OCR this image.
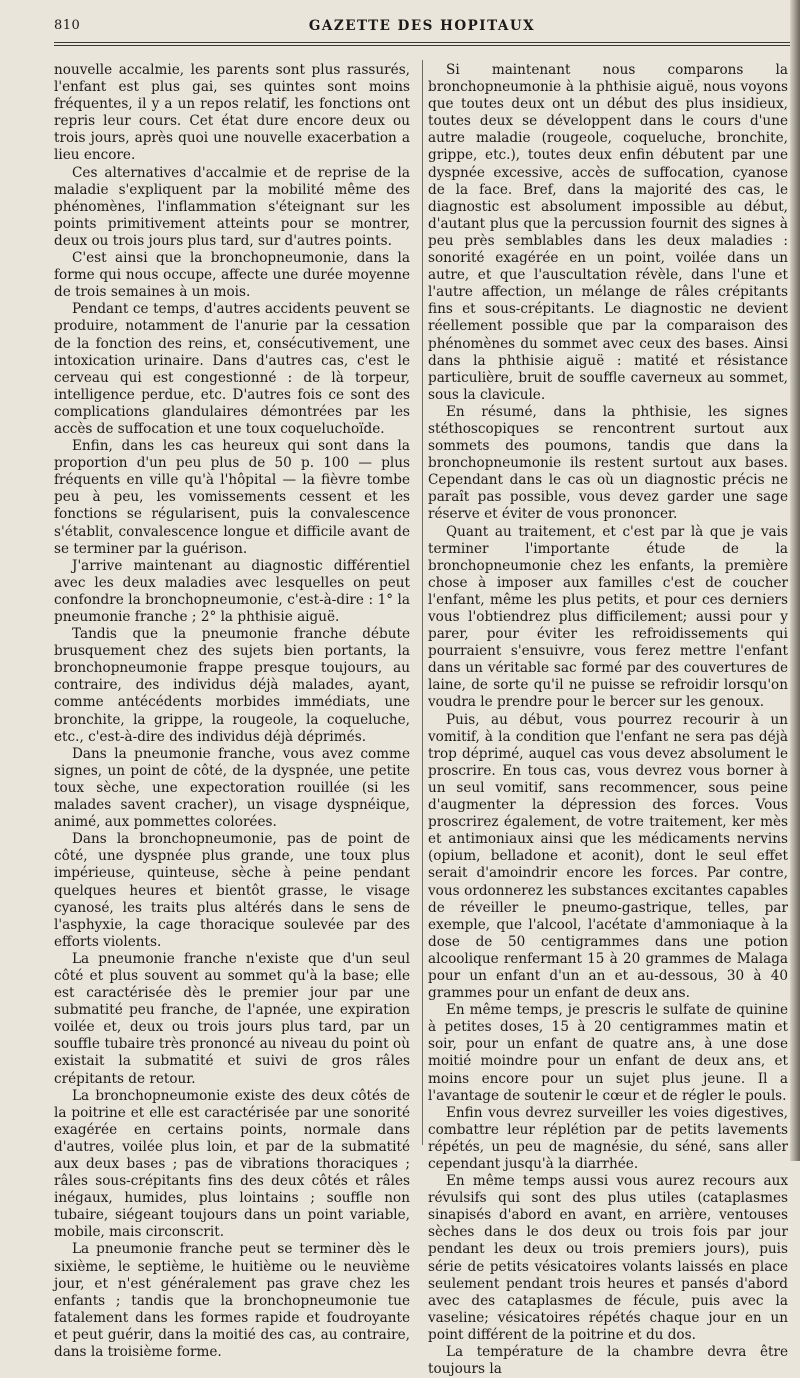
810	GAZETTE DES HOPITAUX

nouvelle accalmie, les parents sont plus rassurés, l'enfant est plus gai, ses quintes sont moins fréquentes, il y a un repos relatif, les fonctions ont repris leur cours. Cet état dure encore deux ou trois jours, après quoi une nouvelle exacerbation a lieu encore.

Ces alternatives d'accalmie et de reprise de la maladie s'expliquent par la mobilité même des phénomènes, l'inflammation s'éteignant sur les points primitivement atteints pour se montrer, deux ou trois jours plus tard, sur d'autres points.

C'est ainsi que la bronchopneumonie, dans la forme qui nous occupe, affecte une durée moyenne de trois semaines à un mois.

Pendant ce temps, d'autres accidents peuvent se produire, notamment de l'anurie par la cessation de la fonction des reins, et, consécutivement, une intoxication urinaire. Dans d'autres cas, c'est le cerveau qui est congestionné : de là torpeur, intelligence perdue, etc. D'autres fois ce sont des complications glandulaires démontrées par les accès de suffocation et une toux coqueluchoïde.

Enfin, dans les cas heureux qui sont dans la proportion d'un peu plus de 50 p. 100 — plus fréquents en ville qu'à l'hôpital — la fièvre tombe peu à peu, les vomissements cessent et les fonctions se régularisent, puis la convalescence s'établit, convalescence longue et difficile avant de se terminer par la guérison.

J'arrive maintenant au diagnostic différentiel avec les deux maladies avec lesquelles on peut confondre la bronchopneumonie, c'est-à-dire : 1° la pneumonie franche ; 2° la phthisie aiguë.

Tandis que la pneumonie franche débute brusquement chez des sujets bien portants, la bronchopneumonie frappe presque toujours, au contraire, des individus déjà malades, ayant, comme antécédents morbides immédiats, une bronchite, la grippe, la rougeole, la coqueluche, etc., c'est-à-dire des individus déjà déprimés.

Dans la pneumonie franche, vous avez comme signes, un point de côté, de la dyspnée, une petite toux sèche, une expectoration rouillée (si les malades savent cracher), un visage dyspnéique, animé, aux pommettes colorées.

Dans la bronchopneumonie, pas de point de côté, une dyspnée plus grande, une toux plus impérieuse, quinteuse, sèche à peine pendant quelques heures et bientôt grasse, le visage cyanosé, les traits plus altérés dans le sens de l'asphyxie, la cage thoracique soulevée par des efforts violents.

La pneumonie franche n'existe que d'un seul côté et plus souvent au sommet qu'à la base; elle est caractérisée dès le premier jour par une submatité peu franche, de l'apnée, une expiration voilée et, deux ou trois jours plus tard, par un souffle tubaire très prononcé au niveau du point où existait la submatité et suivi de gros râles crépitants de retour.

La bronchopneumonie existe des deux côtés de la poitrine et elle est caractérisée par une sonorité exagérée en certains points, normale dans d'autres, voilée plus loin, et par de la submatité aux deux bases ; pas de vibrations thoraciques ; râles sous-crépitants fins des deux côtés et râles inégaux, humides, plus lointains ; souffle non tubaire, siégeant toujours dans un point variable, mobile, mais circonscrit.

La pneumonie franche peut se terminer dès le sixième, le septième, le huitième ou le neuvième jour, et n'est généralement pas grave chez les enfants ; tandis que la bronchopneumonie tue fatalement dans les formes rapide et foudroyante et peut guérir, dans la moitié des cas, au contraire, dans la troisième forme.

Si maintenant nous comparons la bronchopneumonie à la phthisie aiguë, nous voyons que toutes deux ont un début des plus insidieux, toutes deux se développent dans le cours d'une autre maladie (rougeole, coqueluche, bronchite, grippe, etc.), toutes deux enfin débutent par une dyspnée excessive, accès de suffocation, cyanose de la face. Bref, dans la majorité des cas, le diagnostic est absolument impossible au début, d'autant plus que la percussion fournit des signes à peu près semblables dans les deux maladies : sonorité exagérée en un point, voilée dans un autre, et que l'auscultation révèle, dans l'une et l'autre affection, un mélange de râles crépitants fins et sous-crépitants. Le diagnostic ne devient réellement possible que par la comparaison des phénomènes du sommet avec ceux des bases. Ainsi dans la phthisie aiguë : matité et résistance particulière, bruit de souffle caverneux au sommet, sous la clavicule.

En résumé, dans la phthisie, les signes stéthoscopiques se rencontrent surtout aux sommets des poumons, tandis que dans la bronchopneumonie ils restent surtout aux bases. Cependant dans le cas où un diagnostic précis ne paraît pas possible, vous devez garder une sage réserve et éviter de vous prononcer.

Quant au traitement, et c'est par là que je vais terminer l'importante étude de la bronchopneumonie chez les enfants, la première chose à imposer aux familles c'est de coucher l'enfant, même les plus petits, et pour ces derniers vous l'obtiendrez plus difficilement; aussi pour y parer, pour éviter les refroidissements qui pourraient s'ensuivre, vous ferez mettre l'enfant dans un véritable sac formé par des couvertures de laine, de sorte qu'il ne puisse se refroidir lorsqu'on voudra le prendre pour le bercer sur les genoux.

Puis, au début, vous pourrez recourir à un vomitif, à la condition que l'enfant ne sera pas déjà trop déprimé, auquel cas vous devez absolument le proscrire. En tous cas, vous devrez vous borner à un seul vomitif, sans recommencer, sous peine d'augmenter la dépression des forces. Vous proscrirez également, de votre traitement, ker mès et antimoniaux ainsi que les médicaments nervins (opium, belladone et aconit), dont le seul effet serait d'amoindrir encore les forces. Par contre, vous ordonnerez les substances excitantes capables de réveiller le pneumo-gastrique, telles, par exemple, que l'alcool, l'acétate d'ammoniaque à la dose de 50 centigrammes dans une potion alcoolique renfermant 15 à 20 grammes de Malaga pour un enfant d'un an et au-dessous, 30 à 40 grammes pour un enfant de deux ans.

En même temps, je prescris le sulfate de quinine à petites doses, 15 à 20 centigrammes matin et soir, pour un enfant de quatre ans, à une dose moitié moindre pour un enfant de deux ans, et moins encore pour un sujet plus jeune. Il a l'avantage de soutenir le cœur et de régler le pouls.

Enfin vous devrez surveiller les voies digestives, combattre leur réplétion par de petits lavements répétés, un peu de magnésie, du séné, sans aller cependant jusqu'à la diarrhée.

En même temps aussi vous aurez recours aux révulsifs qui sont des plus utiles (cataplasmes sinapisés d'abord en avant, en arrière, ventouses sèches dans le dos deux ou trois fois par jour pendant les deux ou trois premiers jours), puis série de petits vésicatoires volants laissés en place seulement pendant trois heures et pansés d'abord avec des cataplasmes de fécule, puis avec la vaseline; vésicatoires répétés chaque jour en un point différent de la poitrine et du dos.

La température de la chambre devra être toujours la
